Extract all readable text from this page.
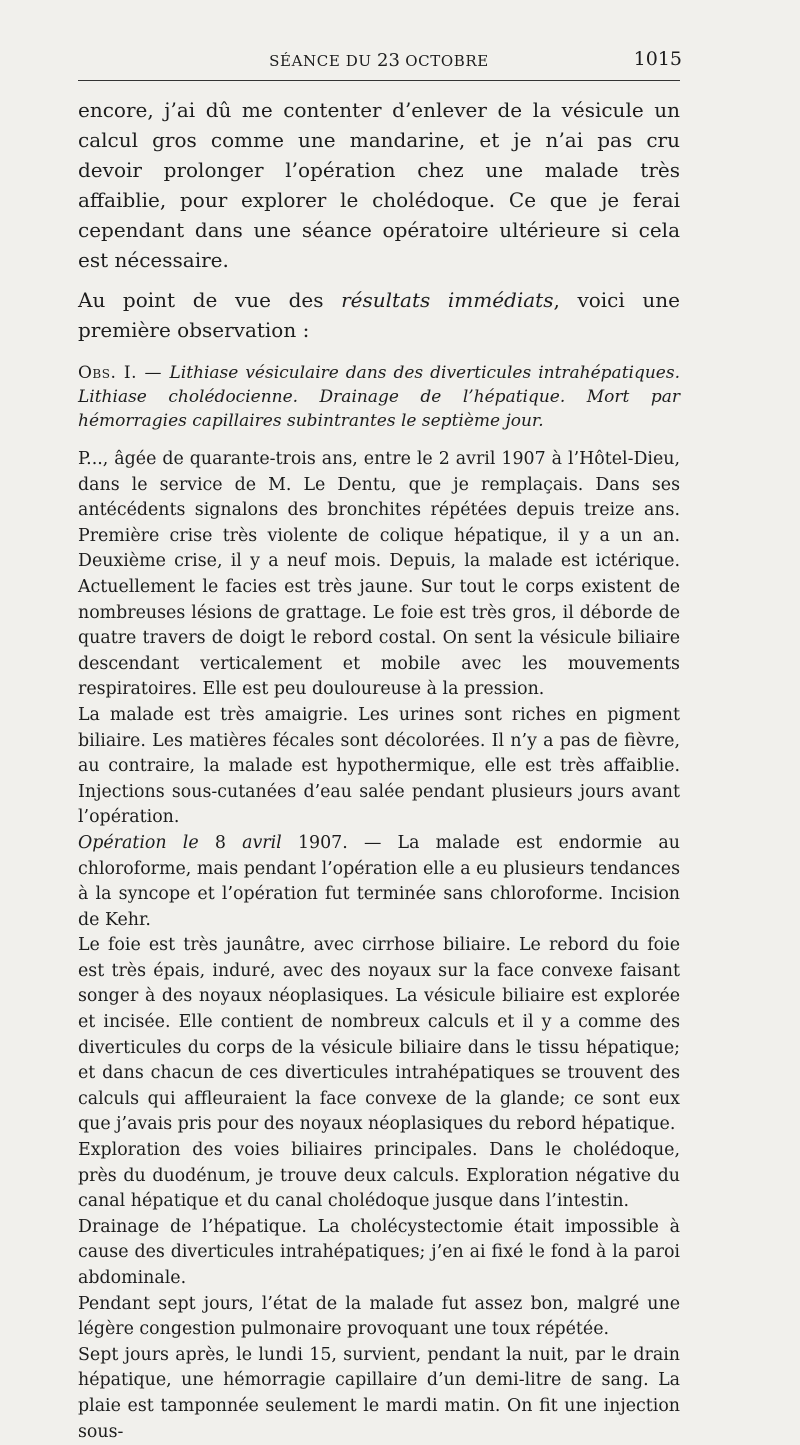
SÉANCE DU 23 OCTOBRE	1015

encore, j’ai dû me contenter d’enlever de la vésicule un calcul gros comme une mandarine, et je n’ai pas cru devoir prolonger l’opération chez une malade très affaiblie, pour explorer le cholédoque. Ce que je ferai cependant dans une séance opératoire ultérieure si cela est nécessaire.

Au point de vue des résultats immédiats, voici une première observation :

Obs. I. — Lithiase vésiculaire dans des diverticules intrahépatiques. Lithiase cholédocienne. Drainage de l’hépatique. Mort par hémorragies capillaires subintrantes le septième jour.

P..., âgée de quarante-trois ans, entre le 2 avril 1907 à l’Hôtel-Dieu, dans le service de M. Le Dentu, que je remplaçais. Dans ses antécédents signalons des bronchites répétées depuis treize ans. Première crise très violente de colique hépatique, il y a un an. Deuxième crise, il y a neuf mois. Depuis, la malade est ictérique. Actuellement le facies est très jaune. Sur tout le corps existent de nombreuses lésions de grattage. Le foie est très gros, il déborde de quatre travers de doigt le rebord costal. On sent la vésicule biliaire descendant verticalement et mobile avec les mouvements respiratoires. Elle est peu douloureuse à la pression.

La malade est très amaigrie. Les urines sont riches en pigment biliaire. Les matières fécales sont décolorées. Il n’y a pas de fièvre, au contraire, la malade est hypothermique, elle est très affaiblie. Injections sous-cutanées d’eau salée pendant plusieurs jours avant l’opération.

Opération le 8 avril 1907. — La malade est endormie au chloroforme, mais pendant l’opération elle a eu plusieurs tendances à la syncope et l’opération fut terminée sans chloroforme. Incision de Kehr.

Le foie est très jaunâtre, avec cirrhose biliaire. Le rebord du foie est très épais, induré, avec des noyaux sur la face convexe faisant songer à des noyaux néoplasiques. La vésicule biliaire est explorée et incisée. Elle contient de nombreux calculs et il y a comme des diverticules du corps de la vésicule biliaire dans le tissu hépatique; et dans chacun de ces diverticules intrahépatiques se trouvent des calculs qui affleuraient la face convexe de la glande; ce sont eux que j’avais pris pour des noyaux néoplasiques du rebord hépatique.

Exploration des voies biliaires principales. Dans le cholédoque, près du duodénum, je trouve deux calculs. Exploration négative du canal hépatique et du canal cholédoque jusque dans l’intestin.

Drainage de l’hépatique. La cholécystectomie était impossible à cause des diverticules intrahépatiques; j’en ai fixé le fond à la paroi abdominale.

Pendant sept jours, l’état de la malade fut assez bon, malgré une légère congestion pulmonaire provoquant une toux répétée.

Sept jours après, le lundi 15, survient, pendant la nuit, par le drain hépatique, une hémorragie capillaire d’un demi-litre de sang. La plaie est tamponnée seulement le mardi matin. On fit une injection sous-
